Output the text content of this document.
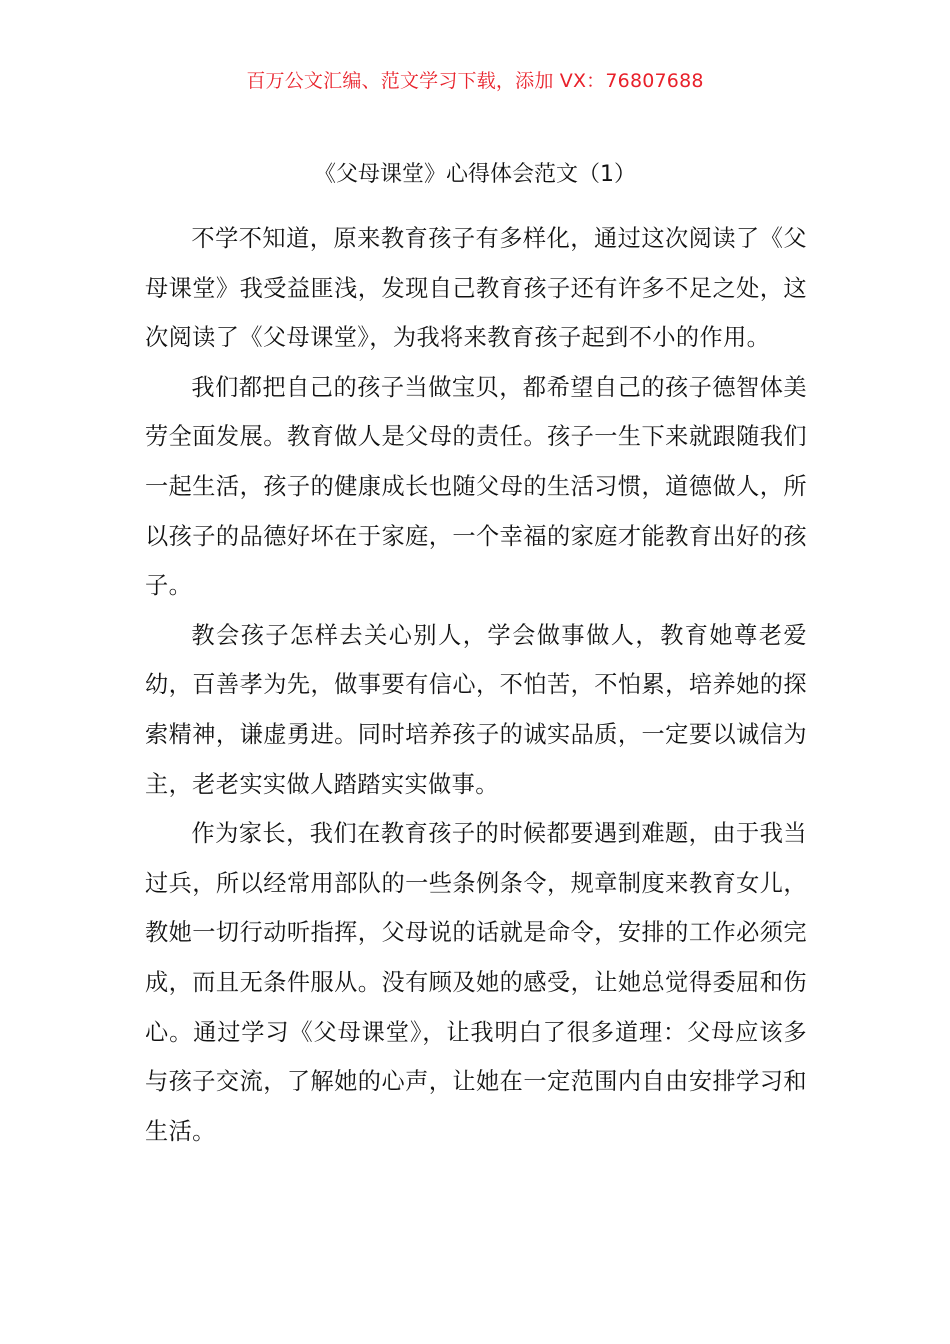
百万公文汇编、范文学习下载，添加 VX：76807688
《父母课堂》心得体会范文（1）

不学不知道，原来教育孩子有多样化，通过这次阅读了《父母课堂》我受益匪浅，发现自己教育孩子还有许多不足之处，这次阅读了《父母课堂》，为我将来教育孩子起到不小的作用。

我们都把自己的孩子当做宝贝，都希望自己的孩子德智体美劳全面发展。教育做人是父母的责任。孩子一生下来就跟随我们一起生活，孩子的健康成长也随父母的生活习惯，道德做人，所以孩子的品德好坏在于家庭，一个幸福的家庭才能教育出好的孩子。

教会孩子怎样去关心别人，学会做事做人，教育她尊老爱幼，百善孝为先，做事要有信心，不怕苦，不怕累，培养她的探索精神，谦虚勇进。同时培养孩子的诚实品质，一定要以诚信为主，老老实实做人踏踏实实做事。

作为家长，我们在教育孩子的时候都要遇到难题，由于我当过兵，所以经常用部队的一些条例条令，规章制度来教育女儿，教她一切行动听指挥，父母说的话就是命令，安排的工作必须完成，而且无条件服从。没有顾及她的感受，让她总觉得委屈和伤心。通过学习《父母课堂》，让我明白了很多道理：父母应该多与孩子交流，了解她的心声，让她在一定范围内自由安排学习和生活。
